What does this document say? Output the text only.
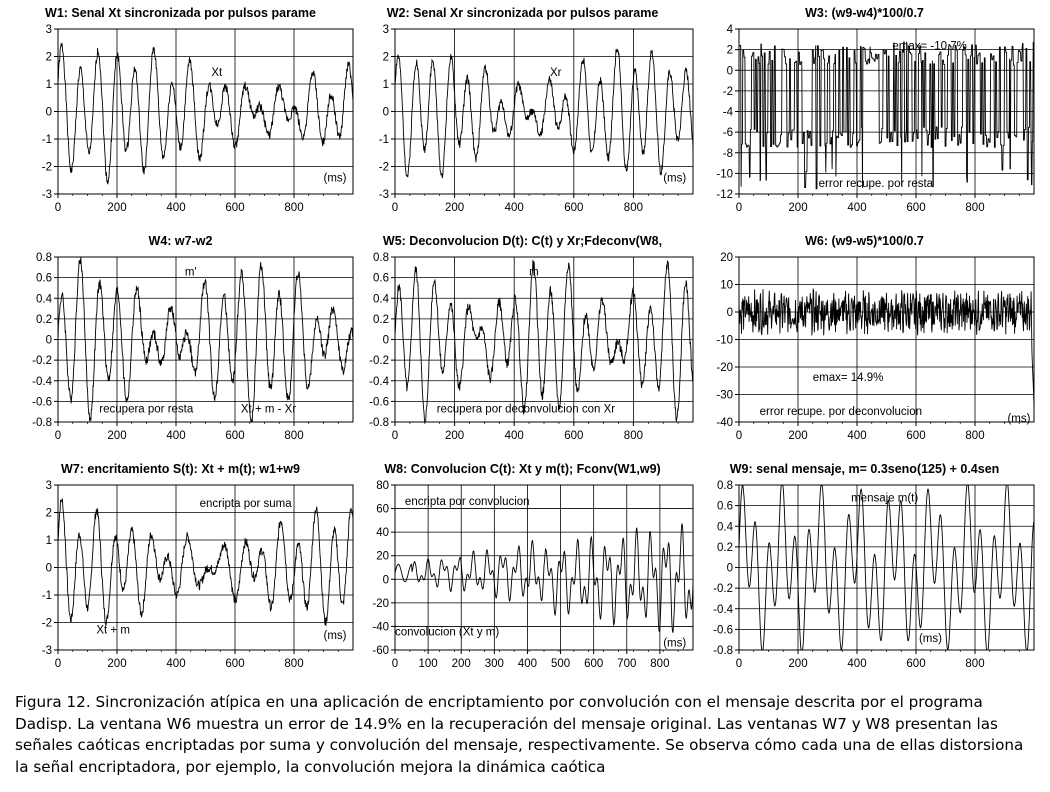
W1: Senal Xt sincronizada por pulsos parame
3
2
1
0
-1
-2
-3
0	200	400	600	800
Xt
(ms)
W2: Senal Xr sincronizada por pulsos parame
3
2
1
0
-1
-2
-3
0	200	400	600	800
Xr
(ms)
W3: (w9-w4)*100/0.7
4
2
0
-2
-4
-6
-8
-10
-12
0	200	400	600	800
emax= -10.7%
error recupe. por resta
W4: w7-w2
0.8
0.6
0.4
0.2
0
-0.2
-0.4
-0.6
-0.8
0	200	400	600	800
m'
recupera por resta	Xt + m - Xr
W5: Deconvolucion D(t): C(t) y Xr;Fdeconv(W8,
0.8
0.6
0.4
0.2
0
-0.2
-0.4
-0.6
-0.8
0	200	400	600	800
m
recupera por deconvolucion con Xr
W6: (w9-w5)*100/0.7
20
10
0
-10
-20
-30
-40
0	200	400	600	800
emax= 14.9%
error recupe. por deconvolucion
(ms)
W7: encritamiento S(t): Xt + m(t); w1+w9
3
2
1
0
-1
-2
-3
0	200	400	600	800
encripta por suma
Xt + m	(ms)
W8: Convolucion C(t): Xt y m(t); Fconv(W1,w9)
80
60
40
20
0
-20
-40
-60
0 100 200 300 400 500 600 700 800
encripta por convolucion
convolucion (Xt y m)
(ms)
W9: senal mensaje, m= 0.3seno(125) + 0.4sen
0.8
0.6
0.4
0.2
0
-0.2
-0.4
-0.6
-0.8
0	200	400	600	800
mensaje m(t)
(ms)
Figura 12. Sincronización atípica en una aplicación de encriptamiento por convolución con el mensaje descrita por el programa Dadisp. La ventana W6 muestra un error de 14.9% en la recuperación del mensaje original. Las ventanas W7 y W8 presentan las señales caóticas encriptadas por suma y convolución del mensaje, respectivamente. Se observa cómo cada una de ellas distorsiona la señal encriptadora, por ejemplo, la convolución mejora la dinámica caótica
